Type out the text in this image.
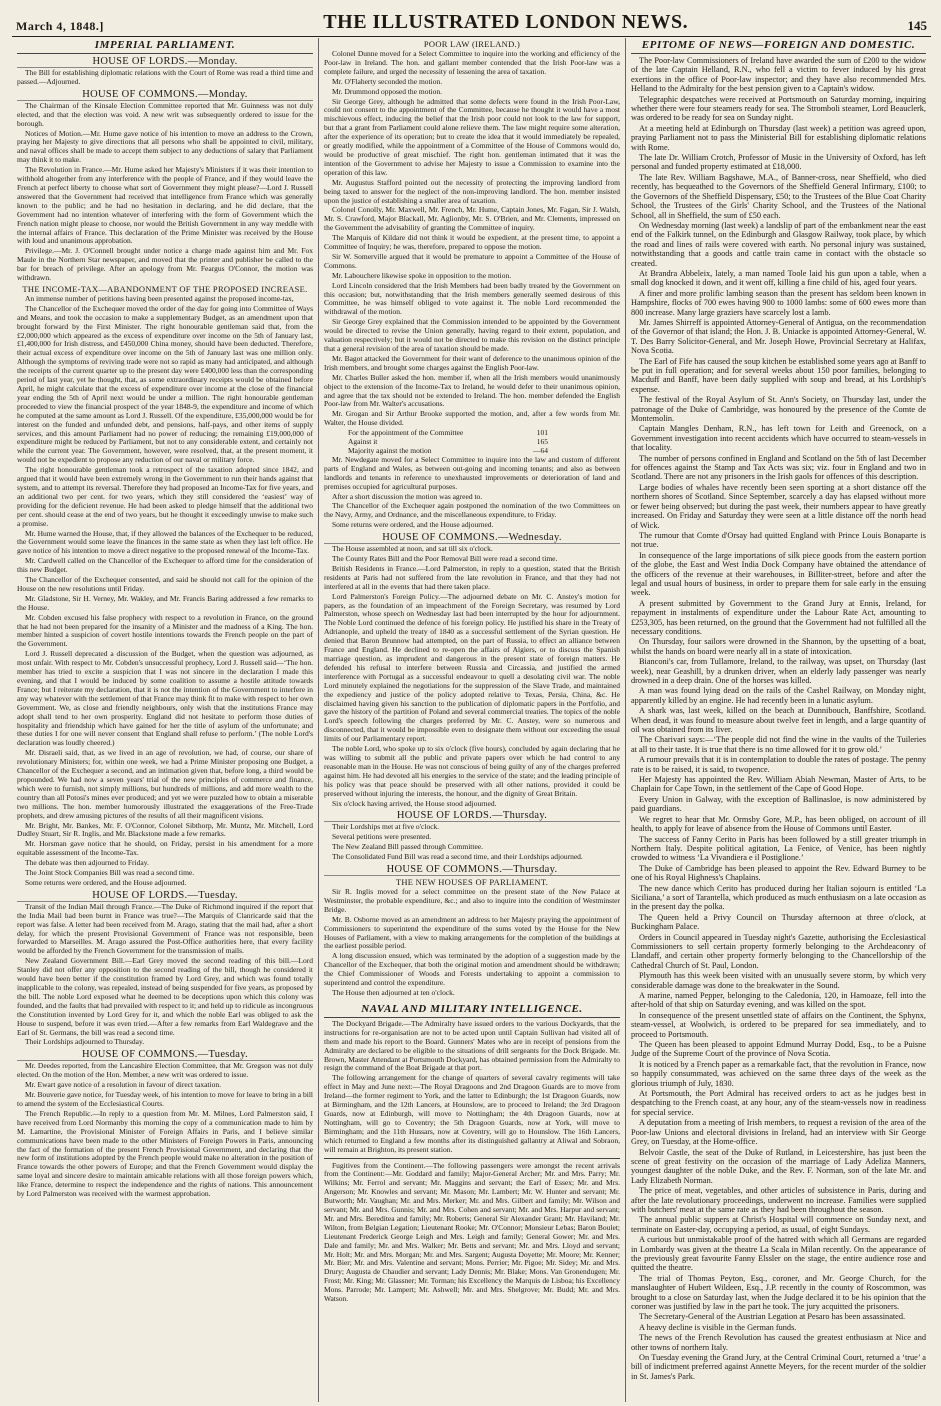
March 4, 1848.]	THE ILLUSTRATED LONDON NEWS.	145
IMPERIAL PARLIAMENT.
HOUSE OF LORDS.—Monday.

The Bill for establishing diplomatic relations with the Court of Rome was read a third time and passed.—Adjourned.

HOUSE OF COMMONS.—Monday.

The Chairman of the Kinsale Election Committee reported that Mr. Guinness was not duly elected, and that the election was void. A new writ was subsequently ordered to issue for the borough.

Notices of Motion.—Mr. Hume gave notice of his intention to move an address to the Crown, praying her Majesty to give directions that all persons who shall be appointed to civil, military, and naval offices shall be made to accept them subject to any deductions of salary that Parliament may think it to make.

The Revolution in France.—Mr. Hume asked her Majesty's Ministers if it was their intention to withhold altogether from any interference with the people of France, and if they would leave the French at perfect liberty to choose what sort of Government they might please?—Lord J. Russell answered that the Government had received that intelligence from France which was generally known to the public; and he had no hesitation in declaring, and he did declare, that the Government had no intention whatever of interfering with the form of Government which the French nation might please to choose, nor would the British Government in any way meddle with the internal affairs of France. This declaration of the Prime Minister was received by the House with loud and unanimous approbation.

Privilege.—Mr. J. O'Connell brought under notice a charge made against him and Mr. Fox Maule in the Northern Star newspaper, and moved that the printer and publisher be called to the bar for breach of privilege. After an apology from Mr. Feargus O'Connor, the motion was withdrawn.

THE INCOME-TAX—ABANDONMENT OF THE PROPOSED INCREASE.

An immense number of petitions having been presented against the proposed income-tax,

The Chancellor of the Exchequer moved the order of the day for going into Committee of Ways and Means, and took the occasion to make a supplementary Budget, as an amendment upon that brought forward by the First Minister. The right honourable gentleman said that, from the £2,000,000 which appeared as the excess of expenditure over income on the 5th of January last, £1,400,000 for Irish distress, and £450,000 China money, should have been deducted. Therefore, their actual excess of expenditure over income on the 5th of January last was one million only. Although the symptoms of reviving trade were not so rapid as many had anticipated, and although the receipts of the current quarter up to the present day were £400,000 less than the corresponding period of last year, yet he thought, that, as some extraordinary receipts would be obtained before April, he might calculate that the excess of expenditure over income at the close of the financial year ending the 5th of April next would be under a million. The right honourable gentleman proceeded to view the financial prospect of the year 1848-9, the expenditure and income of which he computed at the same amount as Lord J. Russell. Of the expenditure, £35,000,000 would be for interest on the funded and unfunded debt, and pensions, half-pays, and other items of supply services, and this amount Parliament had no power of reducing; the remaining £19,000,000 of expenditure might be reduced by Parliament, but not to any considerable extent, and certainly not while the current year. The Government, however, were resolved, that, at the present moment, it would not be expedient to propose any reduction of our naval or military force.

The right honourable gentleman took a retrospect of the taxation adopted since 1842, and argued that it would have been extremely wrong in the Government to run their hands against that system, and to attempt its reversal. Therefore they had proposed an Income-Tax for five years, and an additional two per cent. for two years, which they still considered the ‘easiest’ way of providing for the deficient revenue. He had been asked to pledge himself that the additional two per cent. should cease at the end of two years, but he thought it exceedingly unwise to make such a promise.

Mr. Hume warned the House, that, if they allowed the balances of the Exchequer to be reduced, the Government would some leave the finances in the same state as when they last left office. He gave notice of his intention to move a direct negative to the proposed renewal of the Income-Tax.

Mr. Cardwell called on the Chancellor of the Exchequer to afford time for the consideration of this new Budget.

The Chancellor of the Exchequer consented, and said he should not call for the opinion of the House on the new resolutions until Friday.

Mr. Gladstone, Sir H. Verney, Mr. Wakley, and Mr. Francis Baring addressed a few remarks to the House.

Mr. Cobden excused his false prophecy with respect to a revolution in France, on the ground that he had not been prepared for the insanity of a Minister and the madness of a King. The hon. member hinted a suspicion of covert hostile intentions towards the French people on the part of the Government.

Lord J. Russell deprecated a discussion of the Budget, when the question was adjourned, as most unfair. With respect to Mr. Cobden's unsuccessful prophecy, Lord J. Russell said—‘The hon. member has tried to excite a suspicion that I was not sincere in the declaration I made this evening, and that I would be induced by some coalition to assume a hostile attitude towards France; but I reiterate my declaration, that it is not the intention of the Government to interfere in any way whatever with the settlement of that France may think fit to make with respect to her own Government. We, as close and friendly neighbours, only wish that the institutions France may adopt shall tend to her own prosperity. England did not hesitate to perform those duties of hospitality and friendship which have gained for her the title of asylum of the unfortunate; and these duties I for one will never consent that England shall refuse to perform.’ (The noble Lord's declaration was loudly cheered.)

Mr. Disraeli said, that, as we lived in an age of revolution, we had, of course, our share of revolutionary Ministers; for, within one week, we had a Prime Minister proposing one Budget, a Chancellor of the Exchequer a second, and an intimation given that, before long, a third would be propounded. We had now a seven years' trial of the new principles of commerce and finance, which were to furnish, not simply millions, but hundreds of millions, and add more wealth to the country than all Potosi's mines ever produced; and yet we were puzzled how to obtain a miserable two millions. The hon. member humorously illustrated the exaggerations of the Free-Trade prophets, and drew amusing pictures of the results of all their magnificent visions.

Mr. Bright, Mr. Bankes, Mr. F. O'Connor, Colonel Sibthorp, Mr. Muntz, Mr. Mitchell, Lord Dudley Stuart, Sir R. Inglis, and Mr. Blackstone made a few remarks.

Mr. Horsman gave notice that he should, on Friday, persist in his amendment for a more equitable assessment of the Income-Tax.

The debate was then adjourned to Friday.

The Joint Stock Companies Bill was read a second time.

Some returns were ordered, and the House adjourned.

HOUSE OF LORDS.—Tuesday.

Transit of the Indian Mail through France.—The Duke of Richmond inquired if the report that the India Mail had been burnt in France was true?—The Marquis of Clanricarde said that the report was false. A letter had been received from M. Arago, stating that the mail had, after a short delay, for which the present Provisional Government of France was not responsible, been forwarded to Marseilles. M. Arago assured the Post-Office authorities here, that every facility would be afforded by the French Government for the transmission of mails.

New Zealand Government Bill.—Earl Grey moved the second reading of this bill.—Lord Stanley did not offer any opposition to the second reading of the bill, though he considered it would have been better if the constitution framed by Lord Grey, and which was found totally inapplicable to the colony, was repealed, instead of being suspended for five years, as proposed by the bill. The noble Lord exposed what he deemed to be deceptions upon which this colony was founded, and the faults that had prevailed with respect to it; and held up to ridicule as incongruous the Constitution invented by Lord Grey for it, and which the noble Earl was obliged to ask the House to suspend, before it was even tried.—After a few remarks from Earl Waldegrave and the Earl of St. Germans, the bill was read a second time.

Their Lordships adjourned to Thursday.

HOUSE OF COMMONS.—Tuesday.

Mr. Deedes reported, from the Lancashire Election Committee, that Mr. Gregson was not duly elected. On the motion of the Hon. Member, a new writ was ordered to issue.

Mr. Ewart gave notice of a resolution in favour of direct taxation.

Mr. Bouverie gave notice, for Tuesday week, of his intention to move for leave to bring in a bill to amend the system of the Ecclesiastical Courts.

The French Republic.—In reply to a question from Mr. M. Milnes, Lord Palmerston said, I have received from Lord Normanby this morning the copy of a communication made to him by M. Lamartine, the Provisional Minister of Foreign Affairs in Paris, and I believe similar communications have been made to the other Ministers of Foreign Powers in Paris, announcing the fact of the formation of the present French Provisional Government, and declaring that the new form of institutions adopted by the French people would make no alteration in the position of France towards the other powers of Europe; and that the French Government would display the same loyal and sincere desire to maintain amicable relations with all those foreign powers which, like France, determine to respect the independence and the rights of nations. This announcement by Lord Palmerston was received with the warmest approbation.

POOR LAW (IRELAND.)

Colonel Dunne moved for a Select Committee to inquire into the working and efficiency of the Poor-law in Ireland. The hon. and gallant member contended that the Irish Poor-law was a complete failure, and urged the necessity of lessening the area of taxation.

Mr. O'Flaherty seconded the motion.

Mr. Drummond opposed the motion.

Sir George Grey, although he admitted that some defects were found in the Irish Poor-Law, could not consent to the appointment of the Committee, because he thought it would have a most mischievous effect, inducing the belief that the Irish poor could not look to the law for support, but that a grant from Parliament could alone relieve them. The law might require some alteration, after the experience of its operation; but to create the idea that it would immediately be repealed, or greatly modified, while the appointment of a Committee of the House of Commons would do, would be productive of great mischief. The right hon. gentleman intimated that it was the intention of the Government to advise her Majesty to issue a Commission to examine into the operation of this law.

Mr. Augustus Stafford pointed out the necessity of protecting the improving landlord from being taxed to answer for the neglect of the non-improving landlord. The hon. member insisted upon the justice of establishing a smaller area of taxation.

Colonel Conolly, Mr. Maxwell, Mr. French, Mr. Hume, Captain Jones, Mr. Fagan, Sir J. Walsh, Mr. S. Crawford, Major Blackall, Mr. Aglionby, Mr. S. O'Brien, and Mr. Clements, impressed on the Government the advisability of granting the Committee of inquiry.

The Marquis of Kildare did not think it would be expedient, at the present time, to appoint a Committee of Inquiry; he was, therefore, prepared to oppose the motion.

Sir W. Somerville argued that it would be premature to appoint a Committee of the House of Commons.

Mr. Labouchere likewise spoke in opposition to the motion.

Lord Lincoln considered that the Irish Members had been badly treated by the Government on this occasion; but, notwithstanding that the Irish members generally seemed desirous of this Committee, he was himself obliged to vote against it. The noble Lord recommended the withdrawal of the motion.

Sir George Grey explained that the Commission intended to be appointed by the Government would be directed to revise the Union generally, having regard to their extent, population, and valuation respectively; but it would not be directed to make this revision on the distinct principle that a general revision of the area of taxation should be made.

Mr. Bagot attacked the Government for their want of deference to the unanimous opinion of the Irish members, and brought some charges against the English Poor-law.

Mr. Charles Buller asked the hon. member if, when all the Irish members would unanimously object to the extension of the Income-Tax to Ireland, he would defer to their unanimous opinion, and agree that the tax should not be extended to Ireland. The hon. member defended the English Poor-law from Mr. Walter's accusations.

Mr. Grogan and Sir Arthur Brooke supported the motion, and, after a few words from Mr. Walter, the House divided.

For the appointment of the Committee	101
Against it	165
Majority against the motion	—64

Mr. Newdegate moved for a Select Committee to inquire into the law and custom of different parts of England and Wales, as between out-going and incoming tenants; and also as between landlords and tenants in reference to unexhausted improvements or deterioration of land and premises occupied for agricultural purposes.

After a short discussion the motion was agreed to.

The Chancellor of the Exchequer again postponed the nomination of the two Committees on the Navy, Army, and Ordnance, and the miscellaneous expenditure, to Friday.

Some returns were ordered, and the House adjourned.

HOUSE OF COMMONS.—Wednesday.

The House assembled at noon, and sat till six o'clock.

The County Rates Bill and the Poor Removal Bill were read a second time.

British Residents in France.—Lord Palmerston, in reply to a question, stated that the British residents at Paris had not suffered from the late revolution in France, and that they had not interfered at all in the events that had there taken place.

Lord Palmerston's Foreign Policy.—The adjourned debate on Mr. C. Anstey's motion for papers, as the foundation of an impeachment of the Foreign Secretary, was resumed by Lord Palmerston, whose speech on Wednesday last had been interrupted by the hour for adjournment. The Noble Lord continued the defence of his foreign policy. He justified his share in the Treaty of Adrianople, and upheld the treaty of 1840 as a successful settlement of the Syrian question. He denied that Baron Brunnow had attempted, on the part of Russia, to effect an alliance between France and England. He declined to re-open the affairs of Algiers, or to discuss the Spanish marriage question, as imprudent and dangerous in the present state of foreign matters. He defended his refusal to interfere between Russia and Circassia, and justified the armed interference with Portugal as a successful endeavour to quell a desolating civil war. The noble Lord minutely explained the negotiations for the suppression of the Slave Trade, and maintained the expediency and justice of the policy adopted relative to Texas, Persia, China, &c. He disclaimed having given his sanction to the publication of diplomatic papers in the Portfolio, and gave the history of the partition of Poland and several commercial treaties. The topics of the noble Lord's speech following the charges preferred by Mr. C. Anstey, were so numerous and disconnected, that it would be impossible even to designate them without our exceeding the usual limits of our Parliamentary report.

The noble Lord, who spoke up to six o'clock (five hours), concluded by again declaring that he was willing to submit all the public and private papers over which he had control to any reasonable man in the House. He was not conscious of being guilty of any of the charges preferred against him. He had devoted all his energies to the service of the state; and the leading principle of his policy was that peace should be preserved with all other nations, provided it could be preserved without injuring the interests, the honour, and the dignity of Great Britain.

Six o'clock having arrived, the House stood adjourned.

HOUSE OF LORDS.—Thursday.

Their Lordships met at five o'clock.

Several petitions were presented.

The New Zealand Bill passed through Committee.

The Consolidated Fund Bill was read a second time, and their Lordships adjourned.

HOUSE OF COMMONS.—Thursday.
THE NEW HOUSES OF PARLIAMENT.

Sir R. Inglis moved for a select committee on the present state of the New Palace at Westminster, the probable expenditure, &c.; and also to inquire into the condition of Westminster Bridge.

Mr. B. Osborne moved as an amendment an address to her Majesty praying the appointment of Commissioners to superintend the expenditure of the sums voted by the House for the New Houses of Parliament, with a view to making arrangements for the completion of the buildings at the earliest possible period.

A long discussion ensued, which was terminated by the adoption of a suggestion made by the Chancellor of the Exchequer, that both the original motion and amendment should be withdrawn; the Chief Commissioner of Woods and Forests undertaking to appoint a commission to superintend and control the expenditure.

The House then adjourned at ten o'clock.

NAVAL AND MILITARY INTELLIGENCE.

The Dockyard Brigade.—The Admiralty have issued orders to the various Dockyards, that the instructions for re-organisation are not to be acted upon until Captain Sullivan had visited all of them and made his report to the Board. Gunners' Mates who are in receipt of pensions from the Admiralty are declared to be eligible to the situations of drill sergeants for the Dock Brigade. Mr. Brown, Master Attendant at Portsmouth Dockyard, has obtained permission from the Admiralty to resign the command of the Boat Brigade at that port.

The following arrangement for the change of quarters of several cavalry regiments will take effect in May and June next:—The Royal Dragoons and 2nd Dragoon Guards are to move from Ireland—the former regiment to York, and the latter to Edinburgh; the 1st Dragoon Guards, now at Birmingham, and the 12th Lancers, at Hounslow, are to proceed to Ireland; the 3rd Dragoon Guards, now at Edinburgh, will move to Nottingham; the 4th Dragoon Guards, now at Nottingham, will go to Coventry; the 5th Dragoon Guards, now at York, will move to Birmingham; and the 11th Hussars, now at Coventry, will go to Hounslow. The 16th Lancers, which returned to England a few months after its distinguished gallantry at Aliwal and Sobraon, will remain at Brighton, its present station.

Fugitives from the Continent.—The following passengers were amongst the recent arrivals from the Continent:—Mr. Goddard and family; Major-General Archer; Mr. and Mrs. Parry; Mr. Wilkins; Mr. Ferrol and servant; Mr. Maggins and servant; the Earl of Essex; Mr. and Mrs. Angerson; Mr. Knowles and servant; Mr. Mason; Mr. Lambert; Mr. W. Hunter and servant; Mr. Butworth; Mr. Vaughan; Mr. and Mrs. Merker; Mr. and Mrs. Gilbert and family; Mr. Wilson and servant; Mr. and Mrs. Gunnis; Mr. and Mrs. Cohen and servant; Mr. and Mrs. Harpur and servant; Mr. and Mrs. Bereditea and family; Mr. Roberts; General Sir Alexander Grant; Mr. Haviland; Mr. Wilton, from Belgian Legation; Lieutenant Rooke; Mr. O'Connor; Monsieur Lebas; Baron Boulet; Lieutenant Frederick George Leigh and Mrs. Leigh and family; General Gower; Mr. and Mrs. Dale and family; Mr. and Mrs. Walker; Mr. Betts and servant; Mr. and Mrs. Lloyd and servant; Mr. Holt; Mr. and Mrs. Morgan; Mr. and Mrs. Sargent; Augusta Doyette; Mr. Moore; Mr. Kenner; Mr. Bier; Mr. and Mrs. Valentine and servant; Mons. Perrier; Mr. Pigoe; Mr. Sidey; Mr. and Mrs. Drury; Augusta de Chaudier and servant; Lady Dennis; Mr. Blake; Mons. Van Gronendugen; Mr. Frost; Mr. King; Mr. Glassner; Mr. Torman; his Excellency the Marquis de Lisboa; his Excellency Mons. Parrode; Mr. Lampert; Mr. Ashwell; Mr. and Mrs. Shelgrove; Mr. Budd; Mr. and Mrs. Watson.

EPITOME OF NEWS—FOREIGN AND DOMESTIC.

The Poor-law Commissioners of Ireland have awarded the sum of £200 to the widow of the late Captain Helland, R.N., who fell a victim to fever induced by his great exertions in the office of Poor-law inspector; and they have also recommended Mrs. Helland to the Admiralty for the best pension given to a Captain's widow.

Telegraphic despatches were received at Portsmouth on Saturday morning, inquiring whether there were four steamers ready for sea. The Stromboli steamer, Lord Beauclerk, was ordered to be ready for sea on Sunday night.

At a meeting held at Edinburgh on Thursday (last week) a petition was agreed upon, praying Parliament not to pass the Ministerial Bill for establishing diplomatic relations with Rome.

The late Dr. William Crotch, Professor of Music in the University of Oxford, has left personal and funded property estimated at £18,000.

The late Rev. William Bagshawe, M.A., of Banner-cross, near Sheffield, who died recently, has bequeathed to the Governors of the Sheffield General Infirmary, £100; to the Governors of the Sheffield Dispensary, £50; to the Trustees of the Blue Coat Charity School, the Trustees of the Girls' Charity School, and the Trustees of the National School, all in Sheffield, the sum of £50 each.

On Wednesday morning (last week) a landslip of part of the embankment near the east end of the Falkirk tunnel, on the Edinburgh and Glasgow Railway, took place, by which the road and lines of rails were covered with earth. No personal injury was sustained, notwithstanding that a goods and cattle train came in contact with the obstacle so created.

At Brandra Abbeleix, lately, a man named Toole laid his gun upon a table, when a small dog knocked it down, and it went off, killing a fine child of his, aged four years.

A finer and more prolific lambing season than the present has seldom been known in Hampshire, flocks of 700 ewes having 900 to 1000 lambs: some of 600 ewes more than 800 increase. Many large graziers have scarcely lost a lamb.

Mr. James Shirreff is appointed Attorney-General of Antigua, on the recommendation of the Governor of that island; the Hon. J. B. Uniacke is appointed Attorney-General, W. T. Des Barry Solicitor-General, and Mr. Joseph Howe, Provincial Secretary at Halifax, Nova Scotia.

The Earl of Fife has caused the soup kitchen be established some years ago at Banff to be put in full operation; and for several weeks about 150 poor families, belonging to Macduff and Banff, have been daily supplied with soup and bread, at his Lordship's expense.

The festival of the Royal Asylum of St. Ann's Society, on Thursday last, under the patronage of the Duke of Cambridge, was honoured by the presence of the Comte de Montemolin.

Captain Mangles Denham, R.N., has left town for Leith and Greenock, on a Government investigation into recent accidents which have occurred to steam-vessels in that locality.

The number of persons confined in England and Scotland on the 5th of last December for offences against the Stamp and Tax Acts was six; viz. four in England and two in Scotland. There are not any prisoners in the Irish gaols for offences of this description.

Large bodies of whales have recently been seen sporting at a short distance off the northern shores of Scotland. Since September, scarcely a day has elapsed without more or fewer being observed; but during the past week, their numbers appear to have greatly increased. On Friday and Saturday they were seen at a little distance off the north head of Wick.

The rumour that Comte d'Orsay had quitted England with Prince Louis Bonaparte is not true.

In consequence of the large importations of silk piece goods from the eastern portion of the globe, the East and West India Dock Company have obtained the attendance of the officers of the revenue at their warehouses, in Billiter-street, before and after the legal and usual hours of business, in order to prepare them for sale early in the ensuing week.

A present submitted by Government to the Grand Jury at Ennis, Ireland, for repayment in instalments of expenditure under the Labour Rate Act, amounting to £253,305, has been returned, on the ground that the Government had not fulfilled all the necessary conditions.

On Thursday, four sailors were drowned in the Shannon, by the upsetting of a boat, whilst the hands on board were nearly all in a state of intoxication.

Bianconi's car, from Tullamore, Ireland, to the railway, was upset, on Thursday (last week), near Geashill, by a drunken driver, when an elderly lady passenger was nearly drowned in a deep drain. One of the horses was killed.

A man was found lying dead on the rails of the Cashel Railway, on Monday night, apparently killed by an engine. He had recently been in a lunatic asylum.

A shark was, last week, killed on the beach at Dunnibouch, Banffshire, Scotland. When dead, it was found to measure about twelve feet in length, and a large quantity of oil was obtained from its liver.

The Charivari says:—‘The people did not find the wine in the vaults of the Tuileries at all to their taste. It is true that there is no time allowed for it to grow old.’

A rumour prevails that it is in contemplation to double the rates of postage. The penny rate is to be raised, it is said, to twopence.

Her Majesty has appointed the Rev. William Abiah Newman, Master of Arts, to be Chaplain for Cape Town, in the settlement of the Cape of Good Hope.

Every Union in Galway, with the exception of Ballinasloe, is now administered by paid guardians.

We regret to hear that Mr. Ormsby Gore, M.P., has been obliged, on account of ill health, to apply for leave of absence from the House of Commons until Easter.

The success of Fanny Cerito in Paris has been followed by a still greater triumph in Northern Italy. Despite political agitation, La Fenice, of Venice, has been nightly crowded to witness ‘La Vivandiera e il Postiglione.’

The Duke of Cambridge has been pleased to appoint the Rev. Edward Burney to be one of his Royal Highness's Chaplains.

The new dance which Cerito has produced during her Italian sojourn is entitled ‘La Siciliana,’ a sort of Tarantella, which produced as much enthusiasm on a late occasion as in the present day the polka.

The Queen held a Privy Council on Thursday afternoon at three o'clock, at Buckingham Palace.

Orders in Council appeared in Tuesday night's Gazette, authorising the Ecclesiastical Commissioners to sell certain property formerly belonging to the Archdeaconry of Llandaff, and certain other property formerly belonging to the Chancellorship of the Cathedral Church of St. Paul, London.

Plymouth has this week been visited with an unusually severe storm, by which very considerable damage was done to the breakwater in the Sound.

A marine, named Pepper, belonging to the Caledonia, 120, in Hamoaze, fell into the after-hold of that ship on Saturday evening, and was killed on the spot.

In consequence of the present unsettled state of affairs on the Continent, the Sphynx, steam-vessel, at Woolwich, is ordered to be prepared for sea immediately, and to proceed to Portsmouth.

The Queen has been pleased to appoint Edmund Murray Dodd, Esq., to be a Puisne Judge of the Supreme Court of the province of Nova Scotia.

It is noticed by a French paper as a remarkable fact, that the revolution in France, now so happily consummated, was achieved on the same three days of the week as the glorious triumph of July, 1830.

At Portsmouth, the Port Admiral has received orders to act as he judges best in despatching to the French coast, at any hour, any of the steam-vessels now in readiness for special service.

A deputation from a meeting of Irish members, to request a revision of the area of the Poor-law Unions and electoral divisions in Ireland, had an interview with Sir George Grey, on Tuesday, at the Home-office.

Belvoir Castle, the seat of the Duke of Rutland, in Leicestershire, has just been the scene of great festivity on the occasion of the marriage of Lady Adeliza Manners, youngest daughter of the noble Duke, and the Rev. F. Norman, son of the late Mr. and Lady Elizabeth Norman.

The price of meat, vegetables, and other articles of subsistence in Paris, during and after the late revolutionary proceedings, underwent no increase. Families were supplied with butchers' meat at the same rate as they had been throughout the season.

The annual public suppers at Christ's Hospital will commence on Sunday next, and terminate on Easter-day, occupying a period, as usual, of eight Sundays.

A curious but unmistakable proof of the hatred with which all Germans are regarded in Lombardy was given at the theatre La Scala in Milan recently. On the appearance of the previously great favourite Fanny Elssler on the stage, the entire audience rose and quitted the theatre.

The trial of Thomas Peyton, Esq., coroner, and Mr. George Church, for the manslaughter of Hubert Wildeen, Esq., J.P. recently in the county of Roscommon, was brought to a close on Saturday last, when the Judge declared it to be his opinion that the coroner was justified by law in the part he took. The jury acquitted the prisoners.

The Secretary-General of the Austrian Legation at Pesaro has been assassinated.

A heavy decline is visible in the German funds.

The news of the French Revolution has caused the greatest enthusiasm at Nice and other towns of northern Italy.

On Tuesday evening the Grand Jury, at the Central Criminal Court, returned a ‘true’ a bill of indictment preferred against Annette Meyers, for the recent murder of the soldier in St. James's Park.
